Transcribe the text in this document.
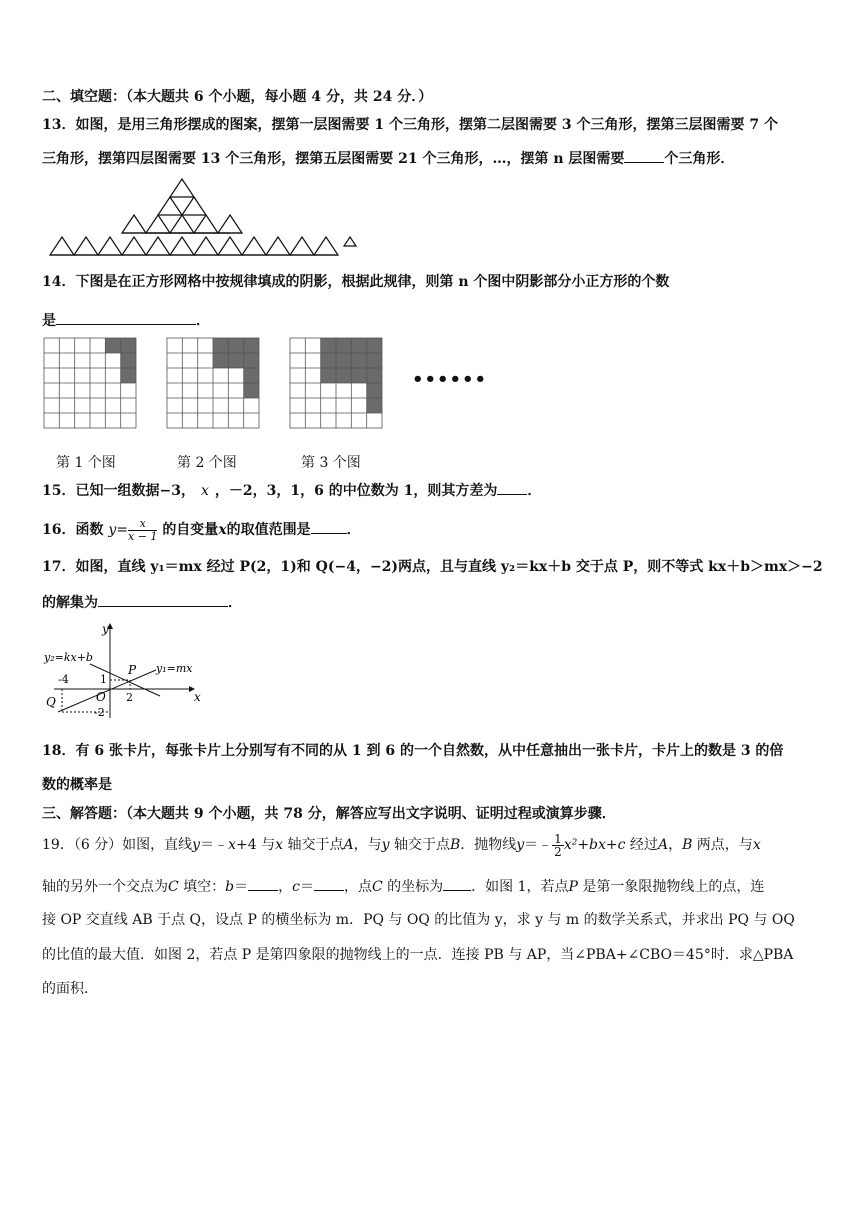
二、填空题：（本大题共 6 个小题，每小题 4 分，共 24 分．）
13．如图，是用三角形摆成的图案，摆第一层图需要 1 个三角形，摆第二层图需要 3 个三角形，摆第三层图需要 7 个
三角形，摆第四层图需要 13 个三角形，摆第五层图需要 21 个三角形，…，摆第 n 层图需要	个三角形．
14．下图是在正方形网格中按规律填成的阴影，根据此规律，则第 n 个图中阴影部分小正方形的个数
是	．
••••••
第 1 个图	第 2 个图	第 3 个图
15．已知一组数据−3， x ，－2，3，1，6 的中位数为 1，则其方差为 ．
16．函数 $y= \frac{x}{x - 1}$ 的自变量x的取值范围是	．
17．如图，直线 y₁＝mx 经过 P(2，1)和 Q(−4，−2)两点，且与直线 y₂＝kx＋b 交于点 P，则不等式 kx＋b＞mx＞−2
的解集为	．
y
x
y₂=kx+b
y₁=mx
P
Q	O
-4	1
2
-2
18．有 6 张卡片，每张卡片上分别写有不同的从 1 到 6 的一个自然数，从中任意抽出一张卡片，卡片上的数是 3 的倍
数的概率是
三、解答题：（本大题共 9 个小题，共 78 分，解答应写出文字说明、证明过程或演算步骤．
19．（6 分）如图，直线y＝﹣x+4 与x 轴交于点A，与y 轴交于点B．抛物线y＝﹣ $\frac{1}{2} x^2+bx+c$ 经过A，B 两点，与x
轴的另外一个交点为C 填空：b＝ ，c＝ ，点C 的坐标为 ．如图 1，若点P 是第一象限抛物线上的点，连
接 OP 交直线 AB 于点 Q，设点 P 的横坐标为 m．PQ 与 OQ 的比值为 y，求 y 与 m 的数学关系式，并求出 PQ 与 OQ
的比值的最大值．如图 2，若点 P 是第四象限的抛物线上的一点．连接 PB 与 AP，当∠PBA+∠CBO＝45°时．求△PBA
的面积．
